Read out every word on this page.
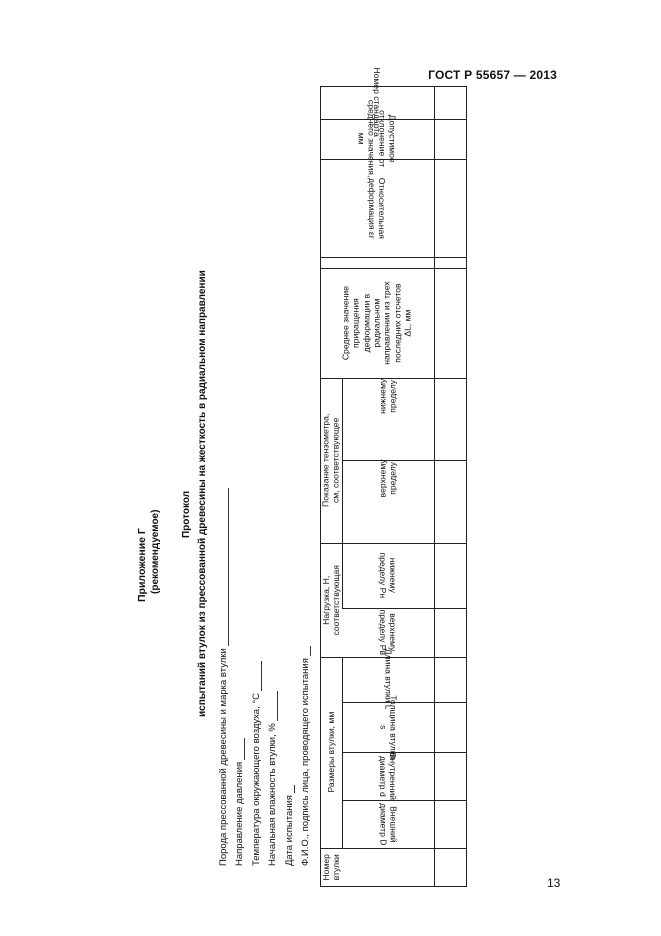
ГОСТ Р 55657 — 2013
13
Приложение Г (рекомендуемое) Протокол испытаний втулок из прессованной древесины на жесткость в радиальном направлении
Порода прессованной древесины и марка втулки Направление давления Температура окружающего воздуха, °С Начальная влажность втулки, % Дата испытания Ф.И.О., подпись лица, проводящего испытания
Номер
втулки
Размеры втулки, мм
Внешний
диаметр D
Внутренний
диаметр d
Толщина втулки
s
Длина втулки L
Нагрузка, Н,
соответствующая	верхнему
пределу Pв
нижнему
пределу Pн
Показание тензометра,
см, соответствующее	верхнему
пределу
нижнему
пределу
Среднее значение
приращения
деформации в
радиальном
направлении из трех
последних отсчетов
ΔL, мм
Относительная
деформация εr
Допустимое
отклонение от
среднего значения,
мм
Номер стандарта
